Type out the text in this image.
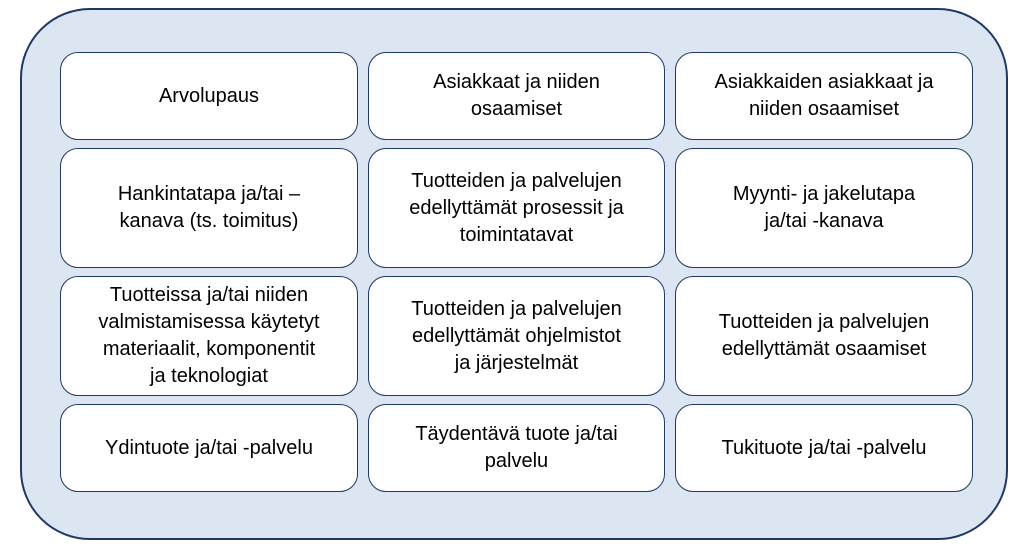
Arvolupaus
Asiakkaat ja niiden
osaamiset
Asiakkaiden asiakkaat ja
niiden osaamiset
Hankintatapa ja/tai –
kanava (ts. toimitus)
Tuotteiden ja palvelujen
edellyttämät prosessit ja
toimintatavat
Myynti- ja jakelutapa
ja/tai -kanava
Tuotteissa ja/tai niiden
valmistamisessa käytetyt
materiaalit, komponentit
ja teknologiat
Tuotteiden ja palvelujen
edellyttämät ohjelmistot
ja järjestelmät
Tuotteiden ja palvelujen
edellyttämät osaamiset
Ydintuote ja/tai -palvelu
Täydentävä tuote ja/tai
palvelu
Tukituote ja/tai -palvelu
